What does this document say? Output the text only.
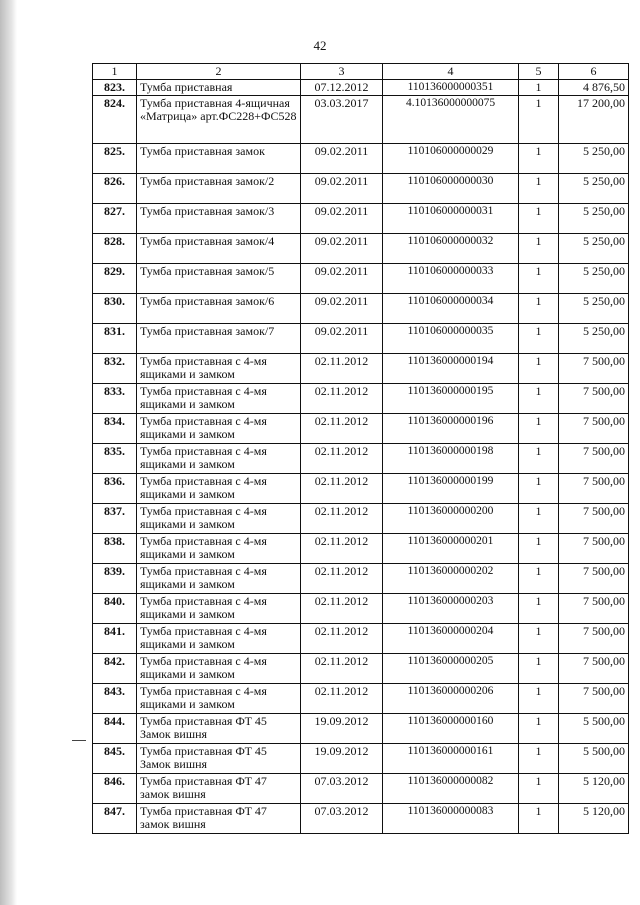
42
1	2	3	4	5	6
823.	Тумба приставная	07.12.2012	110136000000351	1	4 876,50
824.	Тумба приставная 4-ящичная «Матрица» арт.ФС228+ФС528	03.03.2017	4.10136000000075	1	17 200,00
825.	Тумба приставная замок	09.02.2011	110106000000029	1	5 250,00
826.	Тумба приставная замок/2	09.02.2011	110106000000030	1	5 250,00
827.	Тумба приставная замок/3	09.02.2011	110106000000031	1	5 250,00
828.	Тумба приставная замок/4	09.02.2011	110106000000032	1	5 250,00
829.	Тумба приставная замок/5	09.02.2011	110106000000033	1	5 250,00
830.	Тумба приставная замок/6	09.02.2011	110106000000034	1	5 250,00
831.	Тумба приставная замок/7	09.02.2011	110106000000035	1	5 250,00
832.	Тумба приставная с 4-мя ящиками и замком	02.11.2012	110136000000194	1	7 500,00
833.	Тумба приставная с 4-мя ящиками и замком	02.11.2012	110136000000195	1	7 500,00
834.	Тумба приставная с 4-мя ящиками и замком	02.11.2012	110136000000196	1	7 500,00
835.	Тумба приставная с 4-мя ящиками и замком	02.11.2012	110136000000198	1	7 500,00
836.	Тумба приставная с 4-мя ящиками и замком	02.11.2012	110136000000199	1	7 500,00
837.	Тумба приставная с 4-мя ящиками и замком	02.11.2012	110136000000200	1	7 500,00
838.	Тумба приставная с 4-мя ящиками и замком	02.11.2012	110136000000201	1	7 500,00
839.	Тумба приставная с 4-мя ящиками и замком	02.11.2012	110136000000202	1	7 500,00
840.	Тумба приставная с 4-мя ящиками и замком	02.11.2012	110136000000203	1	7 500,00
841.	Тумба приставная с 4-мя ящиками и замком	02.11.2012	110136000000204	1	7 500,00
842.	Тумба приставная с 4-мя ящиками и замком	02.11.2012	110136000000205	1	7 500,00
843.	Тумба приставная с 4-мя ящиками и замком	02.11.2012	110136000000206	1	7 500,00
844.	Тумба приставная ФТ 45 Замок вишня	19.09.2012	110136000000160	1	5 500,00
845.	Тумба приставная ФТ 45 Замок вишня	19.09.2012	110136000000161	1	5 500,00
846.	Тумба приставная ФТ 47 замок вишня	07.03.2012	110136000000082	1	5 120,00
847.	Тумба приставная ФТ 47 замок вишня	07.03.2012	110136000000083	1	5 120,00
